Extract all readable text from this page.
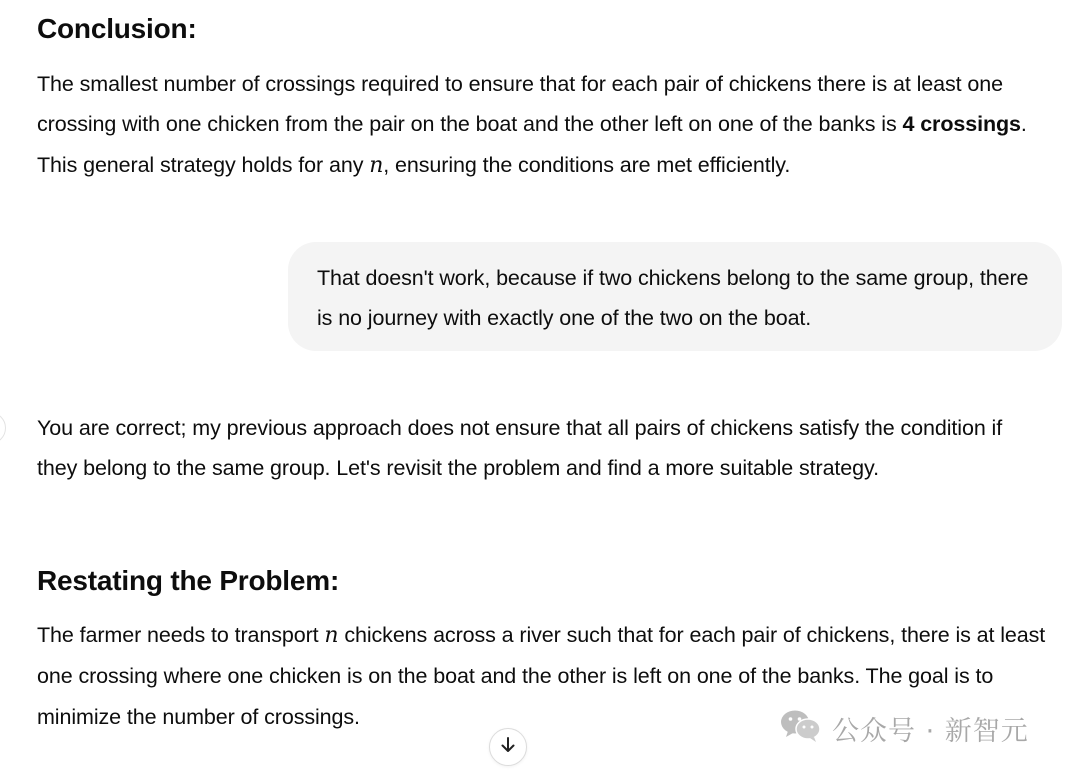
Conclusion:

The smallest number of crossings required to ensure that for each pair of chickens there is at least one crossing with one chicken from the pair on the boat and the other left on one of the banks is 4 crossings. This general strategy holds for any n, ensuring the conditions are met efficiently.

That doesn't work, because if two chickens belong to the same group, there is no journey with exactly one of the two on the boat.

You are correct; my previous approach does not ensure that all pairs of chickens satisfy the condition if they belong to the same group. Let's revisit the problem and find a more suitable strategy.

Restating the Problem:

The farmer needs to transport n chickens across a river such that for each pair of chickens, there is at least one crossing where one chicken is on the boat and the other is left on one of the banks. The goal is to minimize the number of crossings.	公众号 · 新智元
